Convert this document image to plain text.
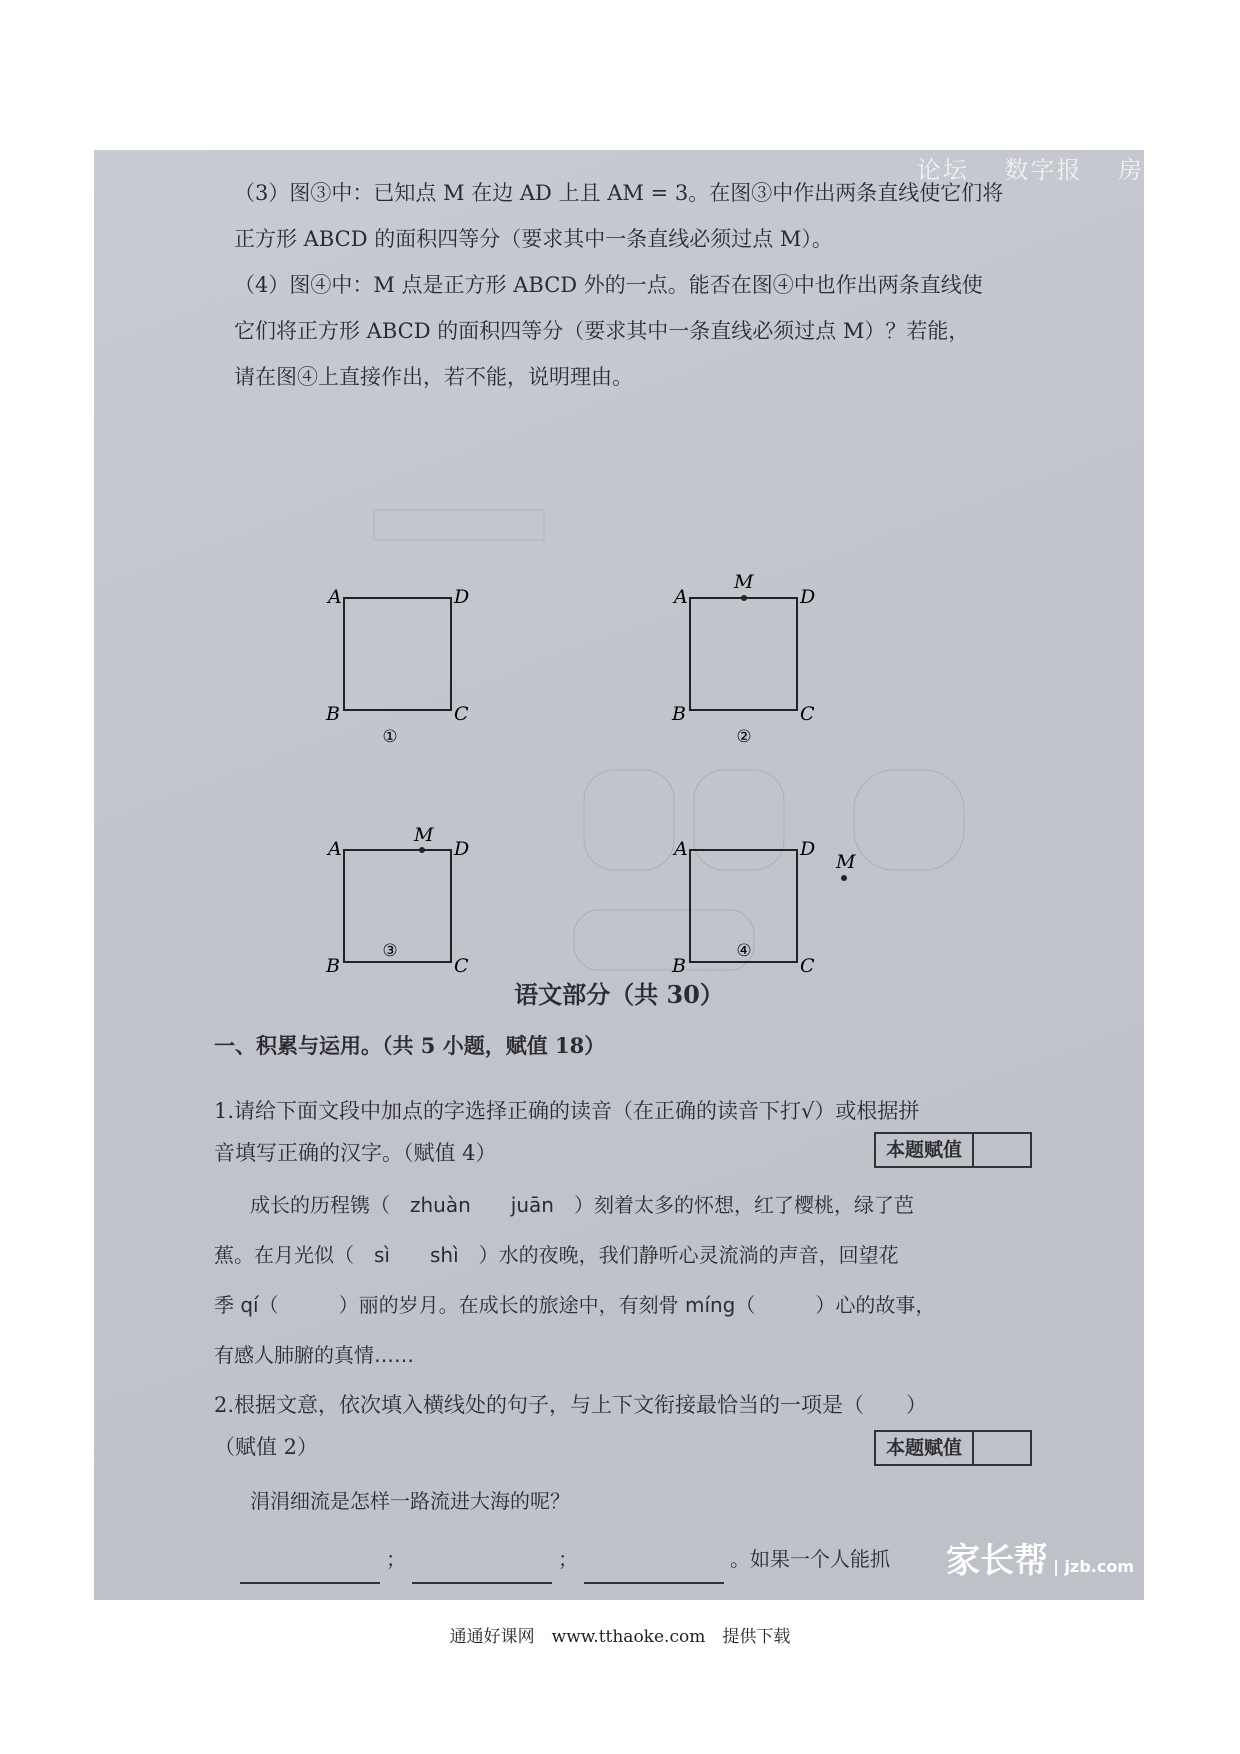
论坛 数字报 房

（3）图③中：已知点 M 在边 AD 上且 AM = 3。在图③中作出两条直线使它们将

正方形 ABCD 的面积四等分（要求其中一条直线必须过点 M）。

（4）图④中：M 点是正方形 ABCD 外的一点。能否在图④中也作出两条直线使

它们将正方形 ABCD 的面积四等分（要求其中一条直线必须过点 M）？若能，

请在图④上直接作出，若不能，说明理由。

A	D
B	C
①
M
A	D
B	C
②
M
A	D
B	C
③
M
A	D
B	C
④
语文部分（共 30）
一、积累与运用。（共 5 小题，赋值 18）

1.请给下面文段中加点的字选择正确的读音（在正确的读音下打√）或根据拼

音填写正确的汉字。（赋值 4）	本题赋值

成长的历程镌（　zhuàn　　juān　）刻着太多的怀想，红了樱桃，绿了芭

蕉。在月光似（　sì　　shì　）水的夜晚，我们静听心灵流淌的声音，回望花

季 qí（　　　）丽的岁月。在成长的旅途中，有刻骨 míng（　　　）心的故事，

有感人肺腑的真情……

2.根据文意，依次填入横线处的句子，与上下文衔接最恰当的一项是（　　）

（赋值 2）	本题赋值

涓涓细流是怎样一路流进大海的呢？

；	；	。如果一个人能抓	家长帮 | jzb.com
通通好课网　www.tthaoke.com　提供下载
